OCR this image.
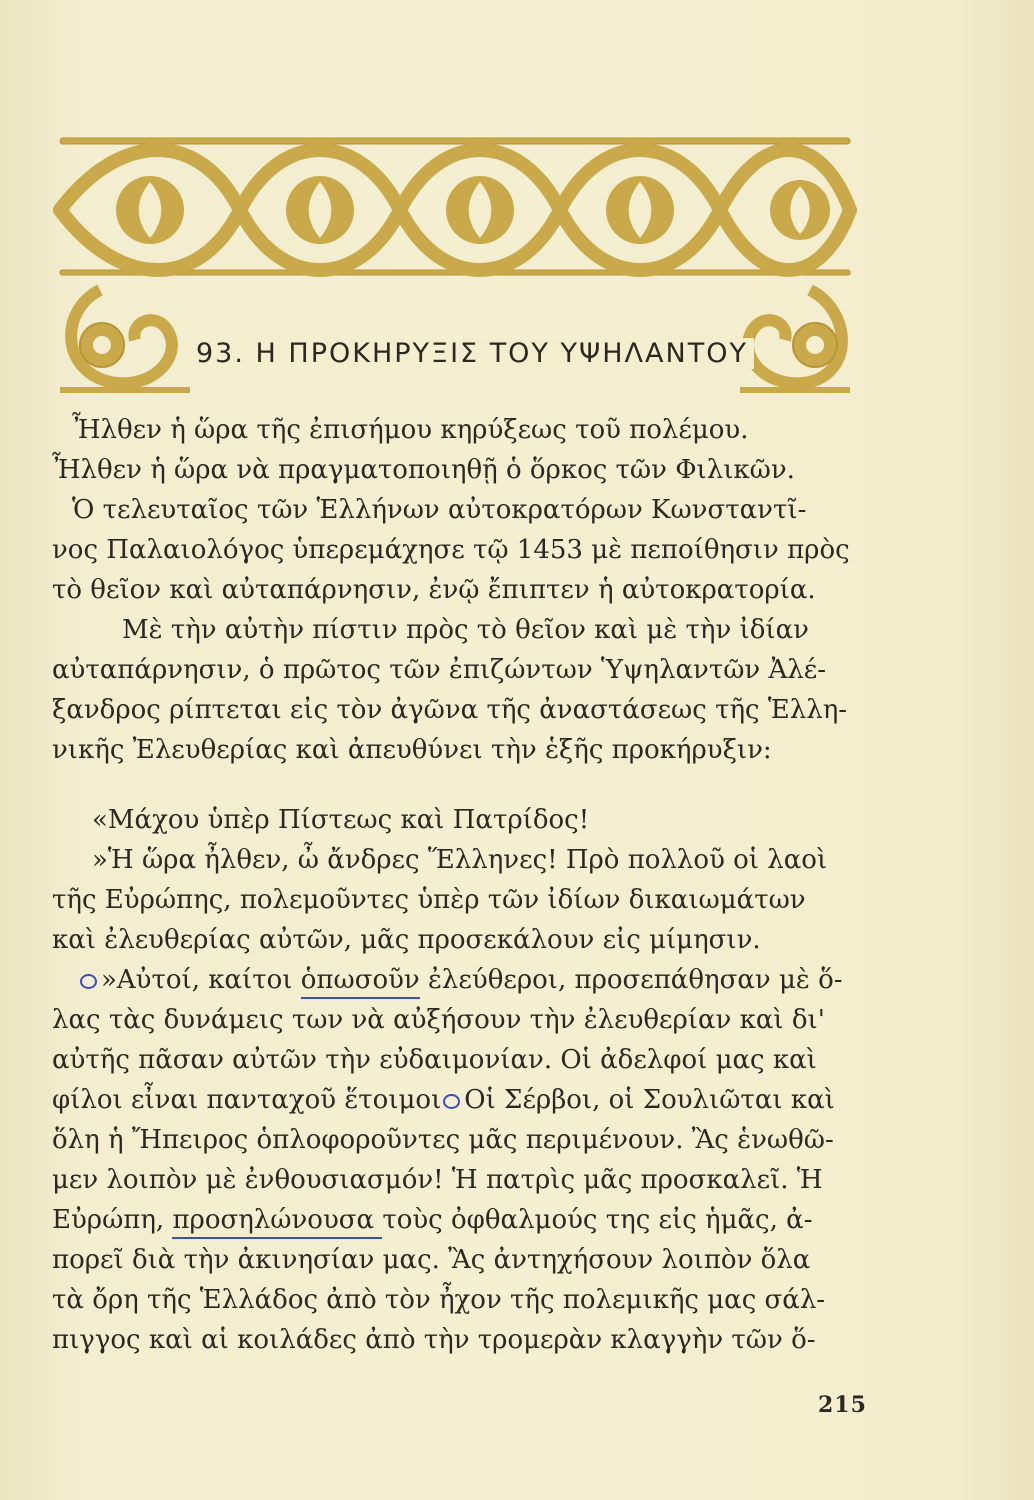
93. Η ΠΡΟΚΗΡΥΞΙΣ ΤΟΥ ΥΨΗΛΑΝΤΟΥ
Ἦλθεν ἡ ὥρα τῆς ἐπισήμου κηρύξεως τοῦ πολέμου.
Ἦλθεν ἡ ὥρα νὰ πραγματοποιηθῇ ὁ ὅρκος τῶν Φιλικῶν.
Ὁ τελευταῖος τῶν Ἑλλήνων αὐτοκρατόρων Κωνσταντῖ-
νος Παλαιολόγος ὑπερεμάχησε τῷ 1453 μὲ πεποίθησιν πρὸς
τὸ θεῖον καὶ αὐταπάρνησιν, ἐνῷ ἔπιπτεν ἡ αὐτοκρατορία.
Μὲ τὴν αὐτὴν πίστιν πρὸς τὸ θεῖον καὶ μὲ τὴν ἰδίαν
αὐταπάρνησιν, ὁ πρῶτος τῶν ἐπιζώντων Ὑψηλαντῶν Ἀλέ-
ξανδρος ρίπτεται εἰς τὸν ἀγῶνα τῆς ἀναστάσεως τῆς Ἑλλη-
νικῆς Ἐλευθερίας καὶ ἀπευθύνει τὴν ἑξῆς προκήρυξιν:
«Μάχου ὑπὲρ Πίστεως καὶ Πατρίδος!
»Ἡ ὥρα ἦλθεν, ὦ ἄνδρες Ἕλληνες! Πρὸ πολλοῦ οἱ λαοὶ
τῆς Εὐρώπης, πολεμοῦντες ὑπὲρ τῶν ἰδίων δικαιωμάτων
καὶ ἐλευθερίας αὐτῶν, μᾶς προσεκάλουν εἰς μίμησιν.
»Αὐτοί, καίτοι ὁπωσοῦν ἐλεύθεροι, προσεπάθησαν μὲ ὅ-
λας τὰς δυνάμεις των νὰ αὐξήσουν τὴν ἐλευθερίαν καὶ δι'
αὐτῆς πᾶσαν αὐτῶν τὴν εὐδαιμονίαν. Οἱ ἀδελφοί μας καὶ
φίλοι εἶναι πανταχοῦ ἕτοιμοι Οἱ Σέρβοι, οἱ Σουλιῶται καὶ
ὅλη ἡ Ἤπειρος ὁπλοφοροῦντες μᾶς περιμένουν. Ἂς ἑνωθῶ-
μεν λοιπὸν μὲ ἐνθουσιασμόν! Ἡ πατρὶς μᾶς προσκαλεῖ. Ἡ
Εὐρώπη, προσηλώνουσα τοὺς ὀφθαλμούς της εἰς ἡμᾶς, ἀ-
πορεῖ διὰ τὴν ἀκινησίαν μας. Ἂς ἀντηχήσουν λοιπὸν ὅλα
τὰ ὄρη τῆς Ἑλλάδος ἀπὸ τὸν ἦχον τῆς πολεμικῆς μας σάλ-
πιγγος καὶ αἱ κοιλάδες ἀπὸ τὴν τρομερὰν κλαγγὴν τῶν ὅ-
215
